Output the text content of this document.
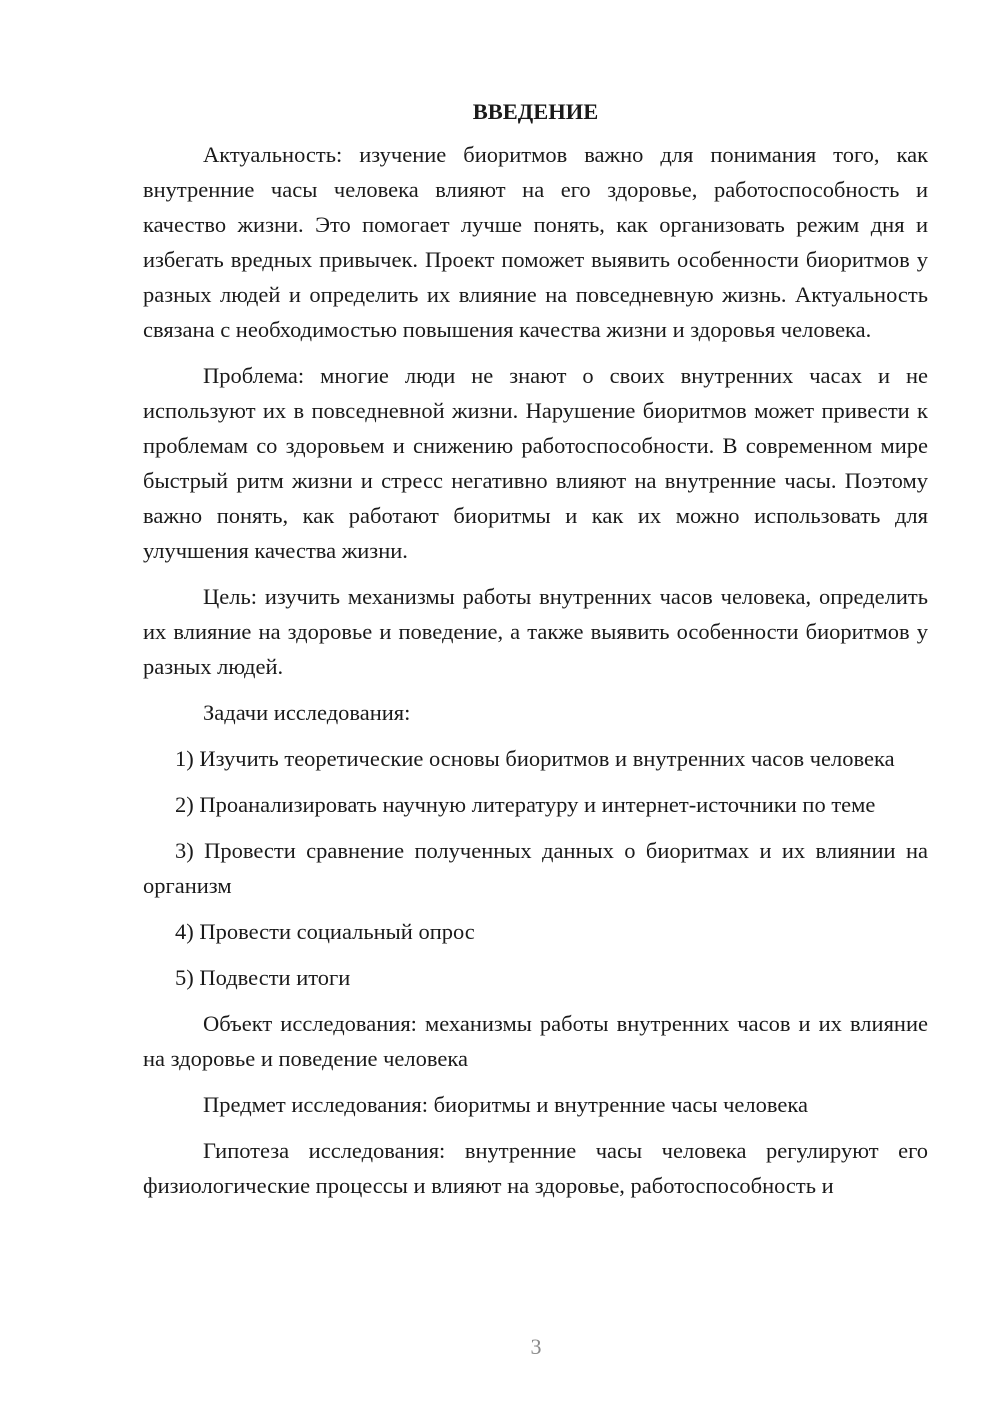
ВВЕДЕНИЕ

Актуальность: изучение биоритмов важно для понимания того, как внутренние часы человека влияют на его здоровье, работоспособность и качество жизни. Это помогает лучше понять, как организовать режим дня и избегать вредных привычек. Проект поможет выявить особенности биоритмов у разных людей и определить их влияние на повседневную жизнь. Актуальность связана с необходимостью повышения качества жизни и здоровья человека.

Проблема: многие люди не знают о своих внутренних часах и не используют их в повседневной жизни. Нарушение биоритмов может привести к проблемам со здоровьем и снижению работоспособности. В современном мире быстрый ритм жизни и стресс негативно влияют на внутренние часы. Поэтому важно понять, как работают биоритмы и как их можно использовать для улучшения качества жизни.

Цель: изучить механизмы работы внутренних часов человека, определить их влияние на здоровье и поведение, а также выявить особенности биоритмов у разных людей.

Задачи исследования:

1) Изучить теоретические основы биоритмов и внутренних часов человека

2) Проанализировать научную литературу и интернет-источники по теме

3) Провести сравнение полученных данных о биоритмах и их влиянии на организм

4) Провести социальный опрос

5) Подвести итоги

Объект исследования: механизмы работы внутренних часов и их влияние на здоровье и поведение человека

Предмет исследования: биоритмы и внутренние часы человека

Гипотеза исследования: внутренние часы человека регулируют его физиологические процессы и влияют на здоровье, работоспособность и

3
